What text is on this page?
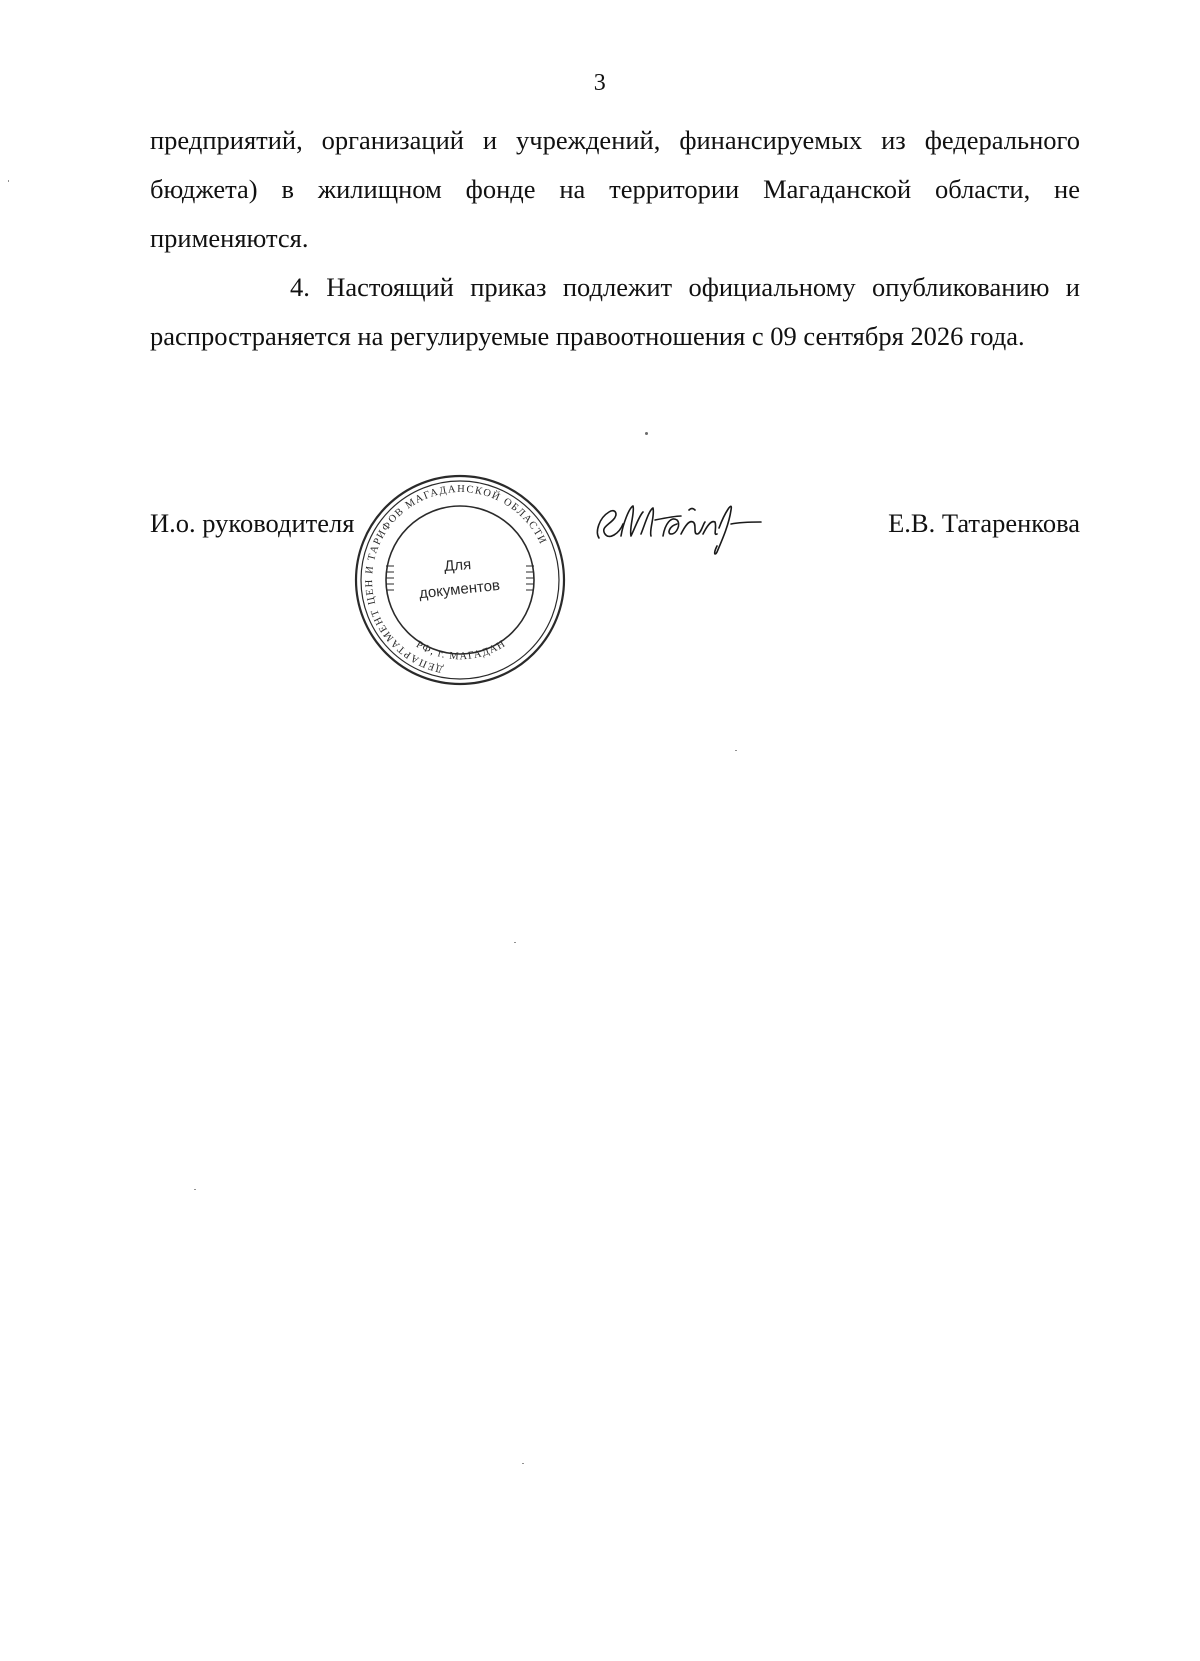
3

предприятий, организаций и учреждений, финансируемых из федерального
бюджета) в жилищном фонде на территории Магаданской области, не
применяются.

4. Настоящий приказ подлежит официальному опубликованию и
распространяется на регулируемые правоотношения с 09 сентября 2026 года.

И.о. руководителя	Е.В. Татаренкова
ДЕПАРТАМЕНТ ЦЕН И ТАРИФОВ МАГАДАНСКОЙ ОБЛАСТИ
РФ, г. МАГАДАН
Для
документов
